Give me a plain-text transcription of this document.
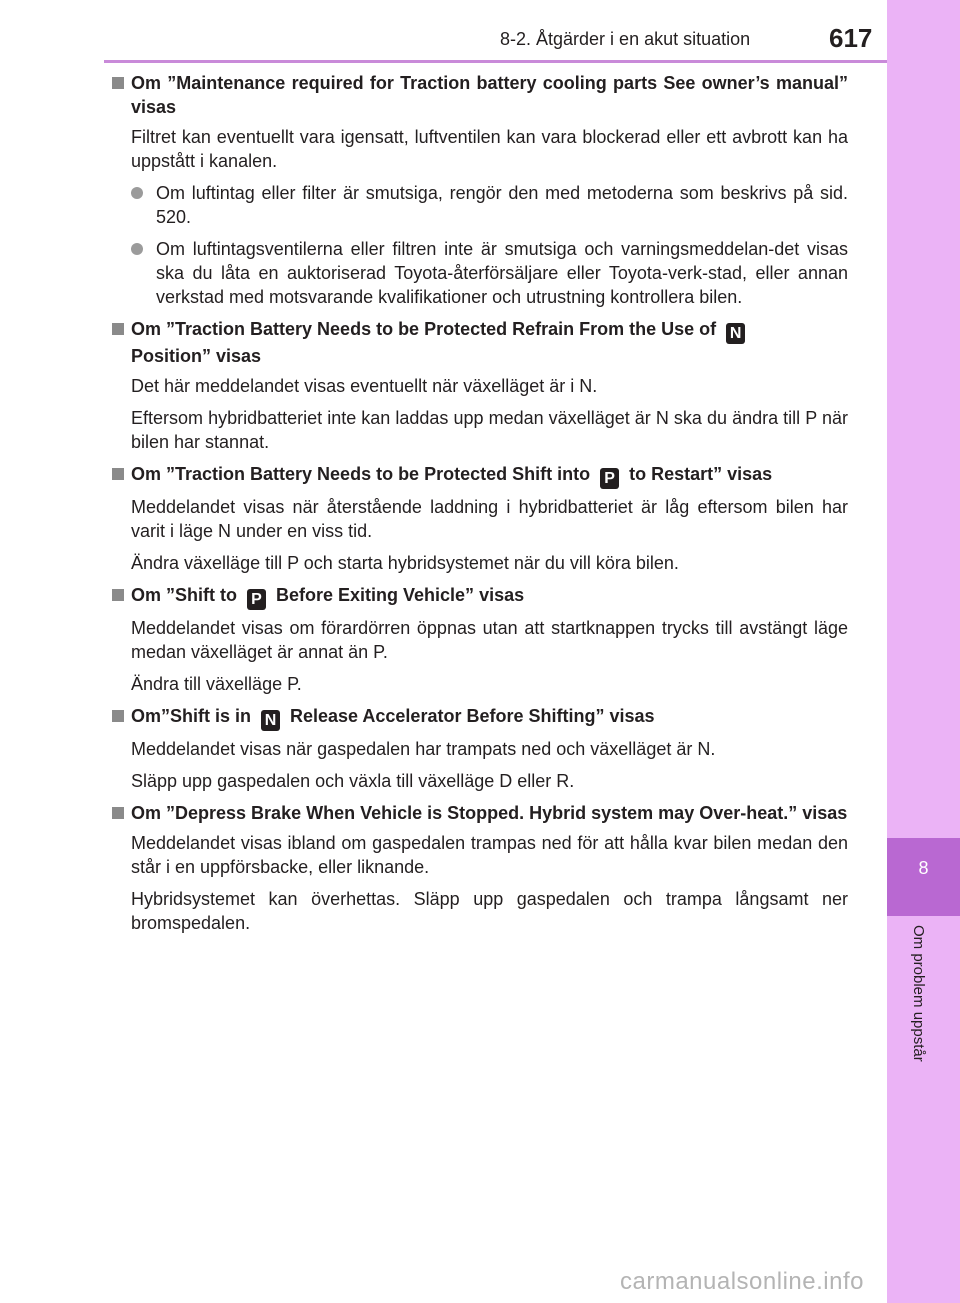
8
Om problem uppstår
8-2. Åtgärder i en akut situation	617
Om ”Maintenance required for Traction battery cooling parts See owner’s manual” visas
Filtret kan eventuellt vara igensatt, luftventilen kan vara blockerad eller ett avbrott kan ha uppstått i kanalen.
Om luftintag eller filter är smutsiga, rengör den med metoderna som beskrivs på sid. 520.
Om luftintagsventilerna eller filtren inte är smutsiga och varningsmeddelan-det visas ska du låta en auktoriserad Toyota-återförsäljare eller Toyota-verk-stad, eller annan verkstad med motsvarande kvalifikationer och utrustning kontrollera bilen.
Om ”Traction Battery Needs to be Protected Refrain From the Use of N
Position” visas
Det här meddelandet visas eventuellt när växelläget är i N.
Eftersom hybridbatteriet inte kan laddas upp medan växelläget är N ska du ändra till P när bilen har stannat.
Om ”Traction Battery Needs to be Protected Shift into P to Restart” visas
Meddelandet visas när återstående laddning i hybridbatteriet är låg eftersom bilen har varit i läge N under en viss tid.
Ändra växelläge till P och starta hybridsystemet när du vill köra bilen.
Om ”Shift to P Before Exiting Vehicle” visas
Meddelandet visas om förardörren öppnas utan att startknappen trycks till avstängt läge medan växelläget är annat än P.
Ändra till växelläge P.
Om”Shift is in N Release Accelerator Before Shifting” visas
Meddelandet visas när gaspedalen har trampats ned och växelläget är N.
Släpp upp gaspedalen och växla till växelläge D eller R.
Om ”Depress Brake When Vehicle is Stopped. Hybrid system may Over-heat.” visas
Meddelandet visas ibland om gaspedalen trampas ned för att hålla kvar bilen medan den står i en uppförsbacke, eller liknande.
Hybridsystemet kan överhettas. Släpp upp gaspedalen och trampa långsamt ner bromspedalen.
carmanualsonline.info
